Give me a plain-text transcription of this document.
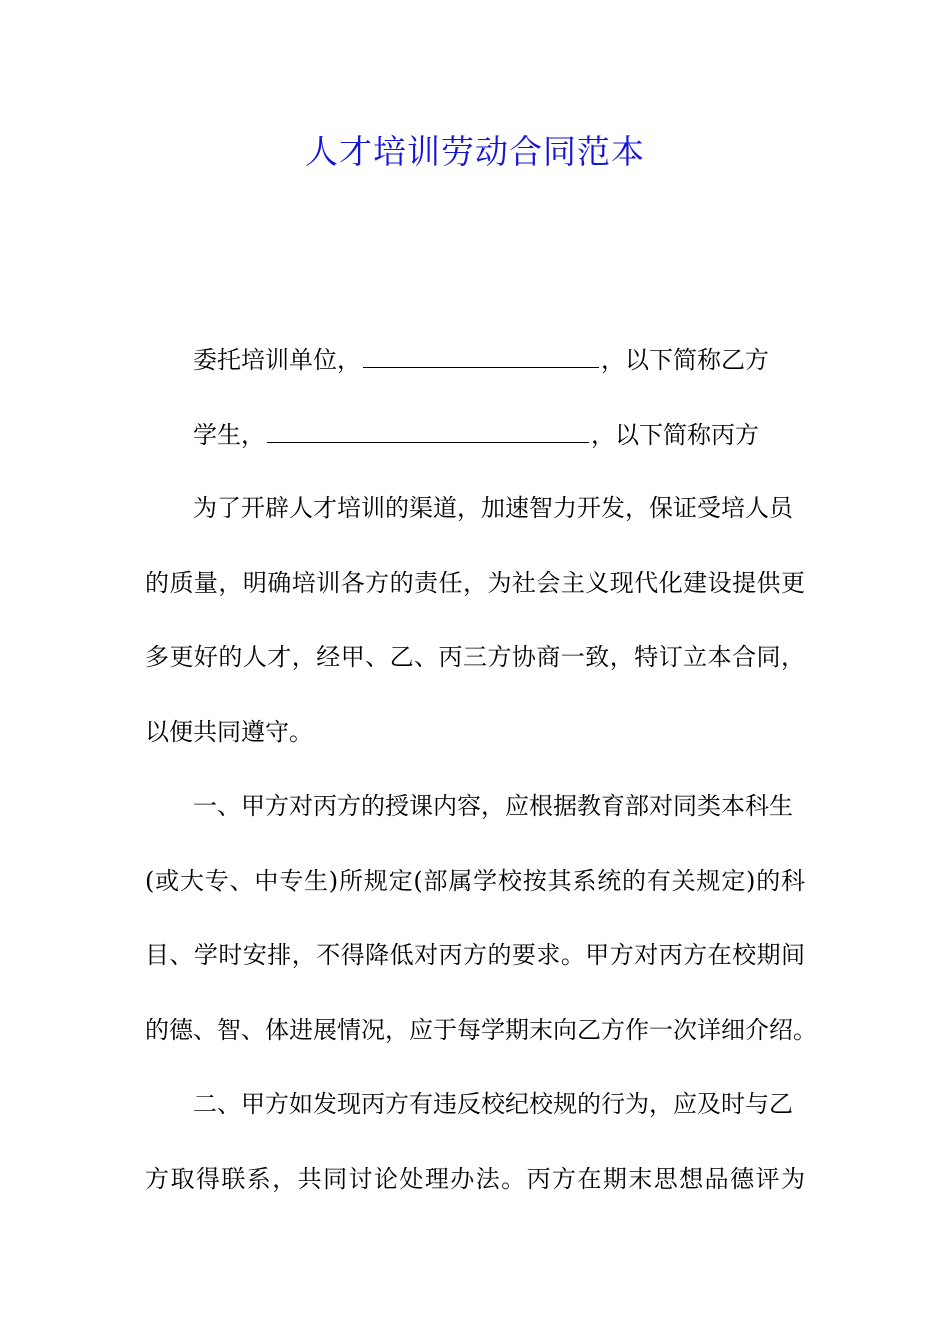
人才培训劳动合同范本
委托培训单位，	，以下简称乙方
学生，	，以下简称丙方
为了开辟人才培训的渠道，加速智力开发，保证受培人员
的质量，明确培训各方的责任，为社会主义现代化建设提供更
多更好的人才，经甲、乙、丙三方协商一致，特订立本合同，
以便共同遵守。
一、甲方对丙方的授课内容，应根据教育部对同类本科生
(或大专、中专生)所规定(部属学校按其系统的有关规定)的科
目、学时安排，不得降低对丙方的要求。甲方对丙方在校期间
的德、智、体进展情况，应于每学期末向乙方作一次详细介绍。
二、甲方如发现丙方有违反校纪校规的行为，应及时与乙
方取得联系，共同讨论处理办法。丙方在期末思想品德评为
